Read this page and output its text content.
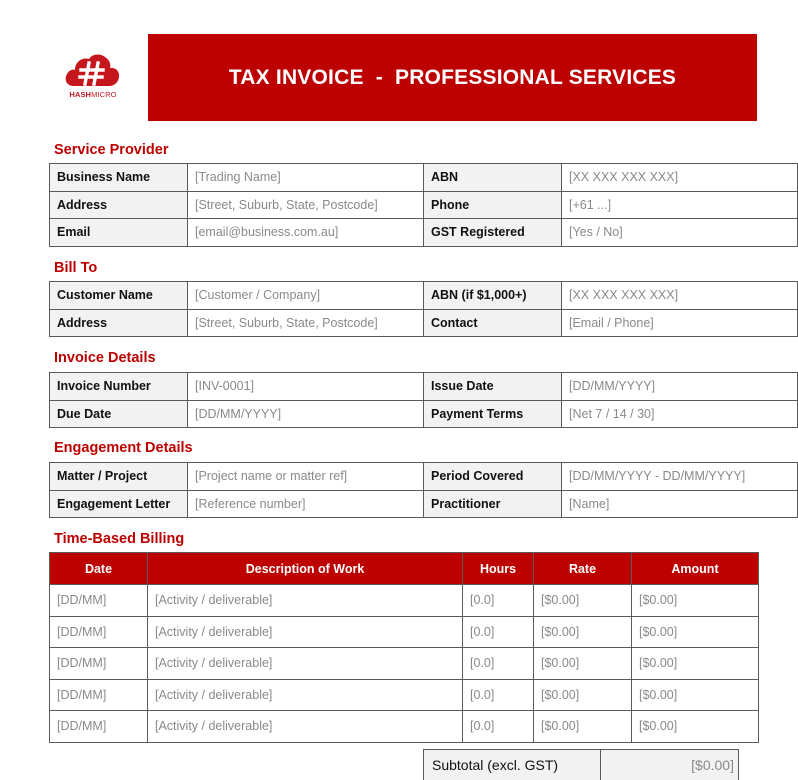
HASHMICRO
TAX INVOICE  -  PROFESSIONAL SERVICES
Service Provider
Business Name	[Trading Name]	ABN	[XX XXX XXX XXX]
Address	[Street, Suburb, State, Postcode]	Phone	[+61 ...]
Email	[email@business.com.au]	GST Registered	[Yes / No]
Bill To
Customer Name	[Customer / Company]	ABN (if $1,000+)	[XX XXX XXX XXX]
Address	[Street, Suburb, State, Postcode]	Contact	[Email / Phone]
Invoice Details
Invoice Number	[INV-0001]	Issue Date	[DD/MM/YYYY]
Due Date	[DD/MM/YYYY]	Payment Terms	[Net 7 / 14 / 30]
Engagement Details
Matter / Project	[Project name or matter ref]	Period Covered	[DD/MM/YYYY - DD/MM/YYYY]
Engagement Letter	[Reference number]	Practitioner	[Name]
Time-Based Billing
Date	Description of Work	Hours	Rate	Amount
[DD/MM]	[Activity / deliverable]	[0.0]	[$0.00]	[$0.00]
[DD/MM]	[Activity / deliverable]	[0.0]	[$0.00]	[$0.00]
[DD/MM]	[Activity / deliverable]	[0.0]	[$0.00]	[$0.00]
[DD/MM]	[Activity / deliverable]	[0.0]	[$0.00]	[$0.00]
[DD/MM]	[Activity / deliverable]	[0.0]	[$0.00]	[$0.00]
Subtotal (excl. GST)	[$0.00]
